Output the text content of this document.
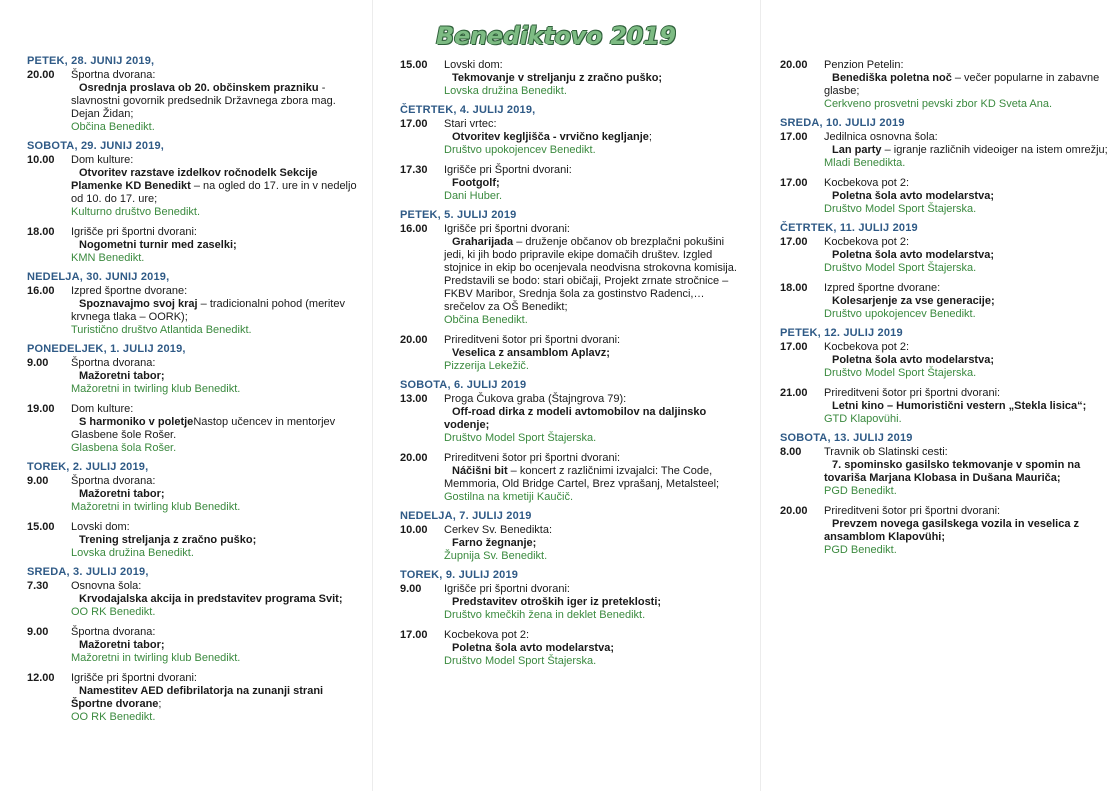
Benediktovo 2019
PETEK, 28. JUNIJ 2019,
20.00	Športna dvorana:
Osrednja proslava ob 20. občinskem prazniku - slavnostni govornik predsednik Državnega zbora mag. Dejan Židan;
Občina Benedikt.
SOBOTA, 29. JUNIJ 2019,
10.00	Dom kulture:
Otvoritev razstave izdelkov ročnodelk Sekcije Plamenke KD Benedikt – na ogled do 17. ure in v nedeljo od 10. do 17. ure;
Kulturno društvo Benedikt.
18.00	Igrišče pri športni dvorani:
Nogometni turnir med zaselki;
KMN Benedikt.
NEDELJA, 30. JUNIJ 2019,
16.00	Izpred športne dvorane:
Spoznavajmo svoj kraj – tradicionalni pohod (meritev krvnega tlaka – OORK);
Turistično društvo Atlantida Benedikt.
PONEDELJEK, 1. JULIJ 2019,
9.00	Športna dvorana:
Mažoretni tabor;
Mažoretni in twirling klub Benedikt.
19.00	Dom kulture:
S harmoniko v poletjeNastop učencev in mentorjev Glasbene šole Rošer.
Glasbena šola Rošer.
TOREK, 2. JULIJ 2019,
9.00	Športna dvorana:
Mažoretni tabor;
Mažoretni in twirling klub Benedikt.
15.00	Lovski dom:
Trening streljanja z zračno puško;
Lovska družina Benedikt.
SREDA, 3. JULIJ 2019,
7.30	Osnovna šola:
Krvodajalska akcija in predstavitev programa Svit;
OO RK Benedikt.
9.00	Športna dvorana:
Mažoretni tabor;
Mažoretni in twirling klub Benedikt.
12.00	Igrišče pri športni dvorani:
Namestitev AED defibrilatorja na zunanji strani Športne dvorane;
OO RK Benedikt.
15.00	Lovski dom:
Tekmovanje v streljanju z zračno puško;
Lovska družina Benedikt.
ČETRTEK, 4. JULIJ 2019,
17.00	Stari vrtec:
Otvoritev kegljišča - vrvično kegljanje;
Društvo upokojencev Benedikt.
17.30	Igrišče pri Športni dvorani:
Footgolf;
Dani Huber.
PETEK, 5. JULIJ 2019
16.00	Igrišče pri športni dvorani:
Graharijada – druženje občanov ob brezplačni pokušini jedi, ki jih bodo pripravile ekipe domačih društev. Izgled stojnice in ekip bo ocenjevala neodvisna strokovna komisija. Predstavili se bodo: stari običaji, Projekt zrnate stročnice – FKBV Maribor, Srednja šola za gostinstvo Radenci,… srečelov za OŠ Benedikt;
Občina Benedikt.
20.00	Prireditveni šotor pri športni dvorani:
Veselica z ansamblom Aplavz;
Pizzerija Lekežič.
SOBOTA, 6. JULIJ 2019
13.00	Proga Čukova graba (Štajngrova 79):
Off-road dirka z modeli avtomobilov na daljinsko vodenje;
Društvo Model Sport Štajerska.
20.00	Prireditveni šotor pri športni dvorani:
Náčišni bit – koncert z različnimi izvajalci: The Code, Memmoria, Old Bridge Cartel, Brez vprašanj, Metalsteel;
Gostilna na kmetiji Kaučič.
NEDELJA, 7. JULIJ 2019
10.00	Cerkev Sv. Benedikta:
Farno žegnanje;
Župnija Sv. Benedikt.
TOREK, 9. JULIJ 2019
9.00	Igrišče pri športni dvorani:
Predstavitev otroških iger iz preteklosti;
Društvo kmečkih žena in deklet Benedikt.
17.00	Kocbekova pot 2:
Poletna šola avto modelarstva;
Društvo Model Sport Štajerska.
20.00	Penzion Petelin:
Benediška poletna noč – večer popularne in zabavne glasbe;
Cerkveno prosvetni pevski zbor KD Sveta Ana.
SREDA, 10. JULIJ 2019
17.00	Jedilnica osnovna šola:
Lan party – igranje različnih videoiger na istem omrežju;
Mladi Benedikta.
17.00	Kocbekova pot 2:
Poletna šola avto modelarstva;
Društvo Model Sport Štajerska.
ČETRTEK, 11. JULIJ 2019
17.00	Kocbekova pot 2:
Poletna šola avto modelarstva;
Društvo Model Sport Štajerska.
18.00	Izpred športne dvorane:
Kolesarjenje za vse generacije;
Društvo upokojencev Benedikt.
PETEK, 12. JULIJ 2019
17.00	Kocbekova pot 2:
Poletna šola avto modelarstva;
Društvo Model Sport Štajerska.
21.00	Prireditveni šotor pri športni dvorani:
Letni kino – Humoristični vestern „Stekla lisica“;
GTD Klapovühi.
SOBOTA, 13. JULIJ 2019
8.00	Travnik ob Slatinski cesti:
7. spominsko gasilsko tekmovanje v spomin na tovariša Marjana Klobasa in Dušana Mauriča;
PGD Benedikt.
20.00	Prireditveni šotor pri športni dvorani:
Prevzem novega gasilskega vozila in veselica z ansamblom Klapovühi;
PGD Benedikt.
